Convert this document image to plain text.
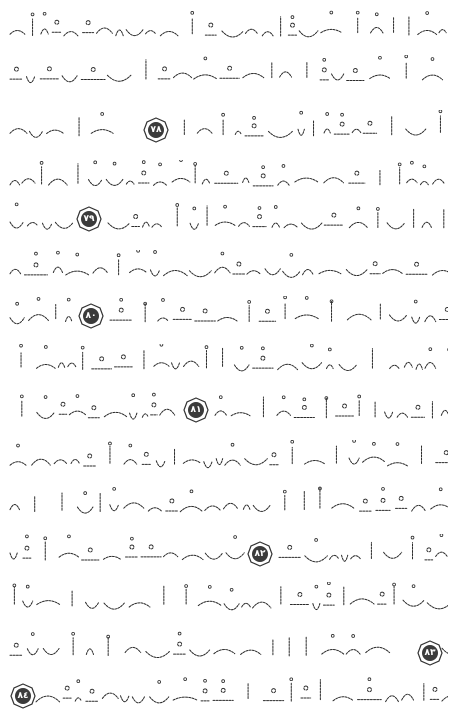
٧٨
٧٩
٨٠
٨١
٨٢
٨٣
٨٤
